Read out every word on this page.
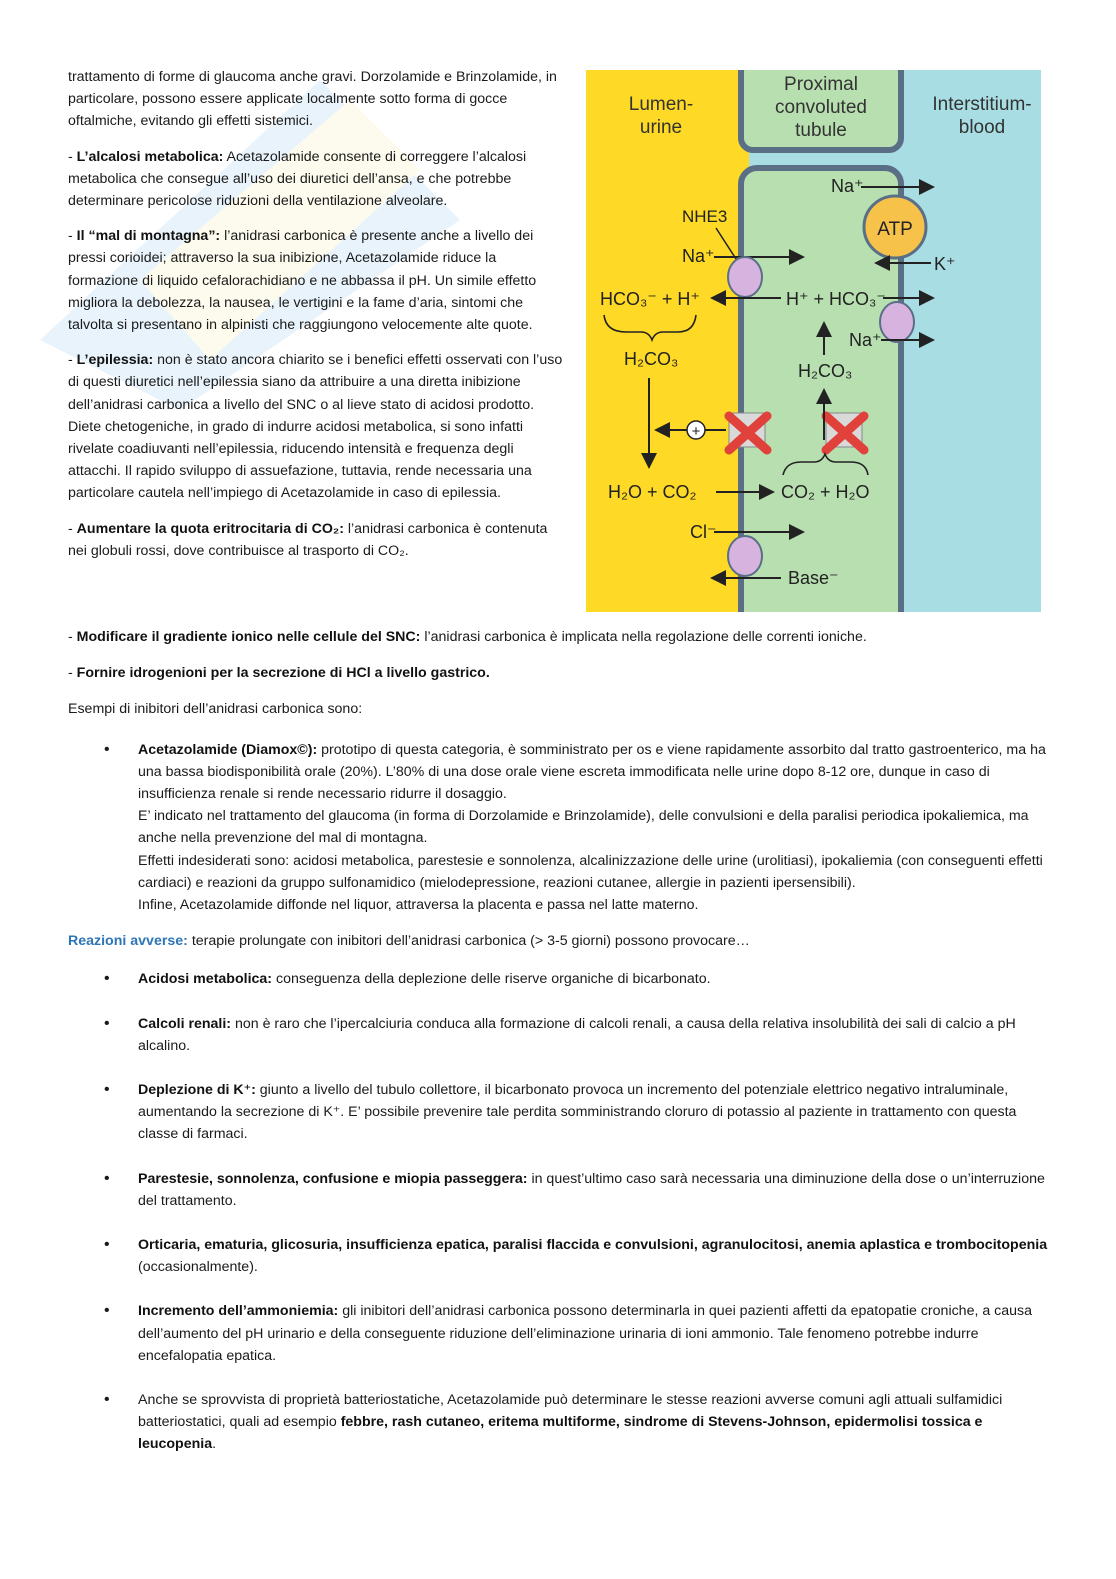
trattamento di forme di glaucoma anche gravi. Dorzolamide e Brinzolamide, in particolare, possono essere applicate localmente sotto forma di gocce oftalmiche, evitando gli effetti sistemici.

- L’alcalosi metabolica: Acetazolamide consente di correggere l’alcalosi metabolica che consegue all’uso dei diuretici dell’ansa, e che potrebbe determinare pericolose riduzioni della ventilazione alveolare.

- Il “mal di montagna”: l’anidrasi carbonica è presente anche a livello dei pressi corioidei; attraverso la sua inibizione, Acetazolamide riduce la formazione di liquido cefalorachidiano e ne abbassa il pH. Un simile effetto migliora la debolezza, la nausea, le vertigini e la fame d’aria, sintomi che talvolta si presentano in alpinisti che raggiungono velocemente alte quote.

- L’epilessia: non è stato ancora chiarito se i benefici effetti osservati con l’uso di questi diuretici nell’epilessia siano da attribuire a una diretta inibizione dell’anidrasi carbonica a livello del SNC o al lieve stato di acidosi prodotto. Diete chetogeniche, in grado di indurre acidosi metabolica, si sono infatti rivelate coadiuvanti nell’epilessia, riducendo intensità e frequenza degli attacchi. Il rapido sviluppo di assuefazione, tuttavia, rende necessaria una particolare cautela nell’impiego di Acetazolamide in caso di epilessia.

- Aumentare la quota eritrocitaria di CO₂: l’anidrasi carbonica è contenuta nei globuli rossi, dove contribuisce al trasporto di CO₂.

Lumen-
urine
Proximal
convoluted
tubule
Interstitium-
blood
Na⁺
ATP
K⁺
NHE3
Na⁺
HCO₃⁻ + H⁺	H⁺ + HCO₃⁻
Na⁺
H₂CO₃
H₂CO₃
+
H₂O + CO₂	CO₂ + H₂O
Cl⁻
Base⁻

- Modificare il gradiente ionico nelle cellule del SNC: l’anidrasi carbonica è implicata nella regolazione delle correnti ioniche.

- Fornire idrogenioni per la secrezione di HCl a livello gastrico.

Esempi di inibitori dell’anidrasi carbonica sono:

• Acetazolamide (Diamox©): prototipo di questa categoria, è somministrato per os e viene rapidamente assorbito dal tratto gastroenterico, ma ha una bassa biodisponibilità orale (20%). L’80% di una dose orale viene escreta immodificata nelle urine dopo 8-12 ore, dunque in caso di insufficienza renale si rende necessario ridurre il dosaggio.
E’ indicato nel trattamento del glaucoma (in forma di Dorzolamide e Brinzolamide), delle convulsioni e della paralisi periodica ipokaliemica, ma anche nella prevenzione del mal di montagna.
Effetti indesiderati sono: acidosi metabolica, parestesie e sonnolenza, alcalinizzazione delle urine (urolitiasi), ipokaliemia (con conseguenti effetti cardiaci) e reazioni da gruppo sulfonamidico (mielodepressione, reazioni cutanee, allergie in pazienti ipersensibili).
Infine, Acetazolamide diffonde nel liquor, attraversa la placenta e passa nel latte materno.

Reazioni avverse: terapie prolungate con inibitori dell’anidrasi carbonica (> 3-5 giorni) possono provocare…

• Acidosi metabolica: conseguenza della deplezione delle riserve organiche di bicarbonato.
• Calcoli renali: non è raro che l’ipercalciuria conduca alla formazione di calcoli renali, a causa della relativa insolubilità dei sali di calcio a pH alcalino.
• Deplezione di K⁺: giunto a livello del tubulo collettore, il bicarbonato provoca un incremento del potenziale elettrico negativo intraluminale, aumentando la secrezione di K⁺. E’ possibile prevenire tale perdita somministrando cloruro di potassio al paziente in trattamento con questa classe di farmaci.
• Parestesie, sonnolenza, confusione e miopia passeggera: in quest’ultimo caso sarà necessaria una diminuzione della dose o un’interruzione del trattamento.
• Orticaria, ematuria, glicosuria, insufficienza epatica, paralisi flaccida e convulsioni, agranulocitosi, anemia aplastica e trombocitopenia (occasionalmente).
• Incremento dell’ammoniemia: gli inibitori dell’anidrasi carbonica possono determinarla in quei pazienti affetti da epatopatie croniche, a causa dell’aumento del pH urinario e della conseguente riduzione dell’eliminazione urinaria di ioni ammonio. Tale fenomeno potrebbe indurre encefalopatia epatica.
• Anche se sprovvista di proprietà batteriostatiche, Acetazolamide può determinare le stesse reazioni avverse comuni agli attuali sulfamidici batteriostatici, quali ad esempio febbre, rash cutaneo, eritema multiforme, sindrome di Stevens-Johnson, epidermolisi tossica e leucopenia.
